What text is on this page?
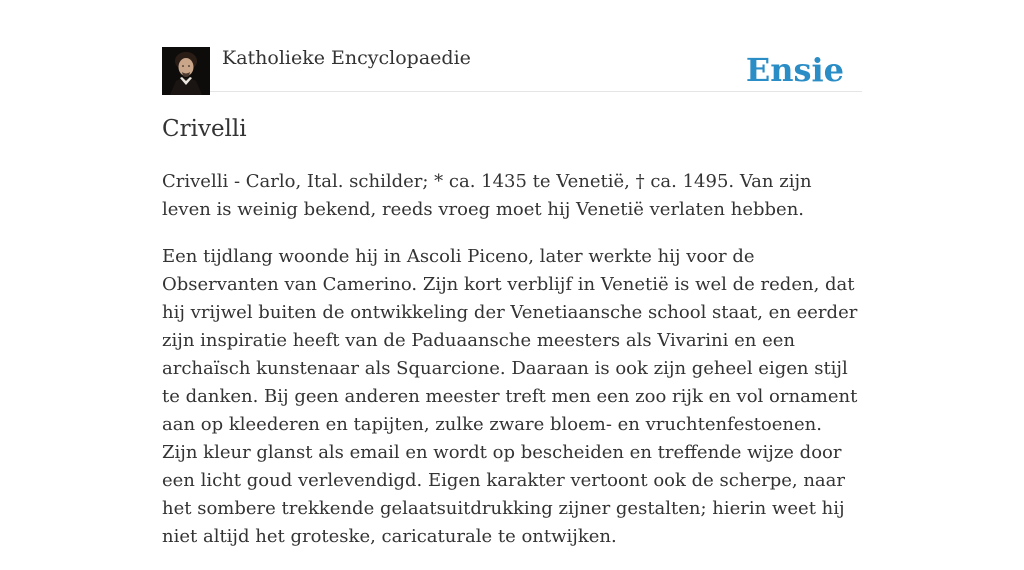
Katholieke Encyclopaedie	Ensie
Crivelli

Crivelli - Carlo, Ital. schilder; * ca. 1435 te Venetië, † ca. 1495. Van zijn leven is weinig bekend, reeds vroeg moet hij Venetië verlaten hebben.

Een tijdlang woonde hij in Ascoli Piceno, later werkte hij voor de Observanten van Camerino. Zijn kort verblijf in Venetië is wel de reden, dat hij vrijwel buiten de ontwikkeling der Venetiaansche school staat, en eerder zijn inspiratie heeft van de Paduaansche meesters als Vivarini en een archaïsch kunstenaar als Squarcione. Daaraan is ook zijn geheel eigen stijl te danken. Bij geen anderen meester treft men een zoo rijk en vol ornament aan op kleederen en tapijten, zulke zware bloem- en vruchtenfestoenen. Zijn kleur glanst als email en wordt op bescheiden en treffende wijze door een licht goud verlevendigd. Eigen karakter vertoont ook de scherpe, naar het sombere trekkende gelaatsuitdrukking zijner gestalten; hierin weet hij niet altijd het groteske, caricaturale te ontwijken.
